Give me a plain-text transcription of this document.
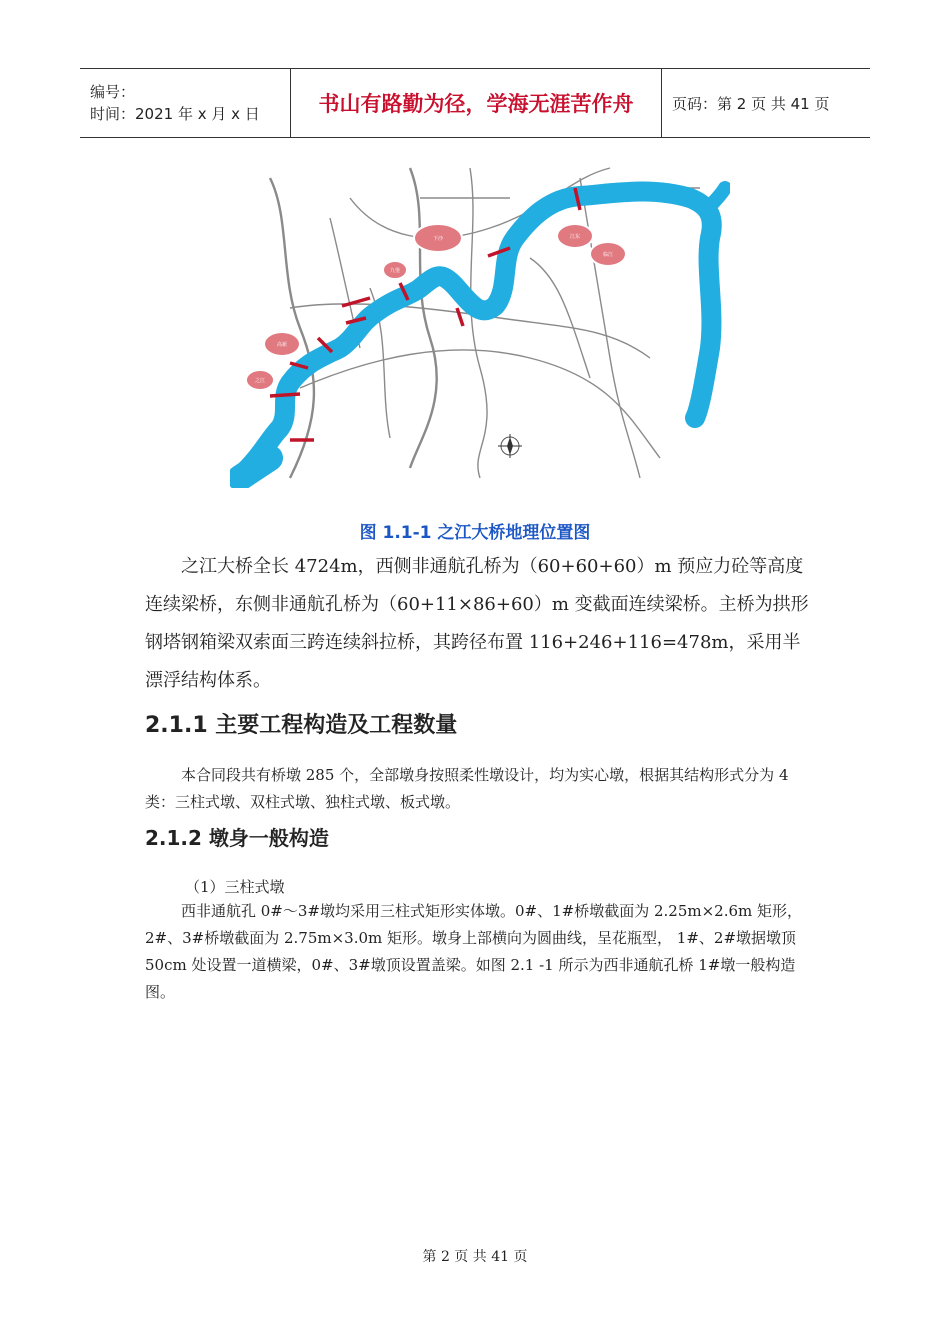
编号：
时间：2021 年 x 月 x 日	书山有路勤为径，学海无涯苦作舟	页码：第 2 页 共 41 页
下沙	江东
临江
九堡
高新
之江
图 1.1-1 之江大桥地理位置图

之江大桥全长 4724m，西侧非通航孔桥为（60+60+60）m 预应力砼等高度连续梁桥，东侧非通航孔桥为（60+11×86+60）m 变截面连续梁桥。主桥为拱形钢塔钢箱梁双索面三跨连续斜拉桥，其跨径布置 116+246+116=478m，采用半漂浮结构体系。

2.1.1 主要工程构造及工程数量

本合同段共有桥墩 285 个，全部墩身按照柔性墩设计，均为实心墩，根据其结构形式分为 4 类：三柱式墩、双柱式墩、独柱式墩、板式墩。

2.1.2 墩身一般构造

（1）三柱式墩

西非通航孔 0#～3#墩均采用三柱式矩形实体墩。0#、1#桥墩截面为 2.25m×2.6m 矩形，2#、3#桥墩截面为 2.75m×3.0m 矩形。墩身上部横向为圆曲线，呈花瓶型， 1#、2#墩据墩顶 50cm 处设置一道横梁，0#、3#墩顶设置盖梁。如图 2.1 -1 所示为西非通航孔桥 1#墩一般构造图。

第 2 页 共 41 页
